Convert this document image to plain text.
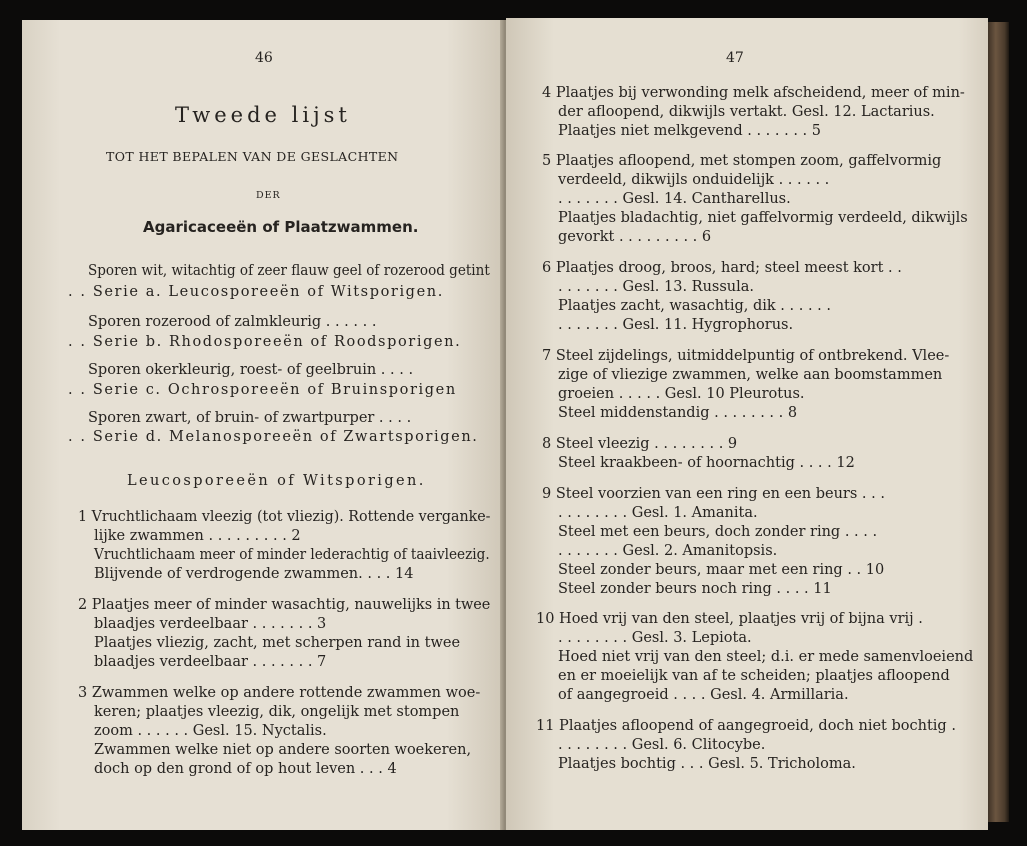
46
Tweede lijst
TOT HET BEPALEN VAN DE GESLACHTEN
DER
Agaricaceeën of Plaatzwammen.
Sporen wit, witachtig of zeer flauw geel of rozerood getint
. . Serie a. Leucosporeeën of Witsporigen.
Sporen rozerood of zalmkleurig . . . . . .
. . Serie b. Rhodosporeeën of Roodsporigen.
Sporen okerkleurig, roest- of geelbruin . . . .
. . Serie c. Ochrosporeeën of Bruinsporigen
Sporen zwart, of bruin- of zwartpurper . . . .
. . Serie d. Melanosporeeën of Zwartsporigen.
Leucosporeeën of Witsporigen.
1 Vruchtlichaam vleezig (tot vliezig). Rottende verganke-
lijke zwammen . . . . . . . . . 2
Vruchtlichaam meer of minder lederachtig of taaivleezig.
Blijvende of verdrogende zwammen. . . . 14
2 Plaatjes meer of minder wasachtig, nauwelijks in twee
blaadjes verdeelbaar . . . . . . . 3
Plaatjes vliezig, zacht, met scherpen rand in twee
blaadjes verdeelbaar . . . . . . . 7
3 Zwammen welke op andere rottende zwammen woe-
keren; plaatjes vleezig, dik, ongelijk met stompen
zoom . . . . . . Gesl. 15. Nyctalis.
Zwammen welke niet op andere soorten woekeren,
doch op den grond of op hout leven . . . 4
47
4 Plaatjes bij verwonding melk afscheidend, meer of min-
der afloopend, dikwijls vertakt. Gesl. 12. Lactarius.
Plaatjes niet melkgevend . . . . . . . 5
5 Plaatjes afloopend, met stompen zoom, gaffelvormig
verdeeld, dikwijls onduidelijk . . . . . .
. . . . . . . Gesl. 14. Cantharellus.
Plaatjes bladachtig, niet gaffelvormig verdeeld, dikwijls
gevorkt . . . . . . . . . 6
6 Plaatjes droog, broos, hard; steel meest kort . .
. . . . . . . Gesl. 13. Russula.
Plaatjes zacht, wasachtig, dik . . . . . .
. . . . . . . Gesl. 11. Hygrophorus.
7 Steel zijdelings, uitmiddelpuntig of ontbrekend. Vlee-
zige of vliezige zwammen, welke aan boomstammen
groeien . . . . . Gesl. 10 Pleurotus.
Steel middenstandig . . . . . . . . 8
8 Steel vleezig . . . . . . . . 9
Steel kraakbeen- of hoornachtig . . . . 12
9 Steel voorzien van een ring en een beurs . . .
. . . . . . . . Gesl. 1. Amanita.
Steel met een beurs, doch zonder ring . . . .
. . . . . . . Gesl. 2. Amanitopsis.
Steel zonder beurs, maar met een ring . . 10
Steel zonder beurs noch ring . . . . 11
10 Hoed vrij van den steel, plaatjes vrij of bijna vrij .
. . . . . . . . Gesl. 3. Lepiota.
Hoed niet vrij van den steel; d.i. er mede samenvloeiend
en er moeielijk van af te scheiden; plaatjes afloopend
of aangegroeid . . . . Gesl. 4. Armillaria.
11 Plaatjes afloopend of aangegroeid, doch niet bochtig .
. . . . . . . . Gesl. 6. Clitocybe.
Plaatjes bochtig . . . Gesl. 5. Tricholoma.
